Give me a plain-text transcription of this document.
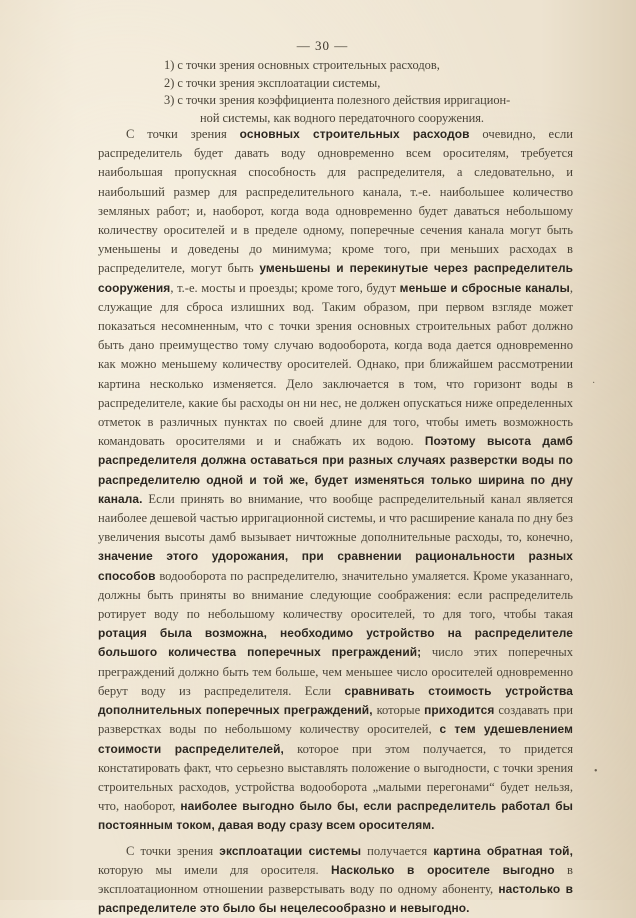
— 30 —
1) с точки зрения основных строительных расходов,
2) с точки зрения эксплоатации системы,
3) с точки зрения коэффициента полезного действия ирригацион-
ной системы, как водного передаточного сооружения.

С точки зрения основных строительных расходов очевидно, если распределитель будет давать воду одновременно всем оросителям, требуется наибольшая пропускная способность для распределителя, а следовательно, и наибольший размер для распределительного канала, т.-е. наибольшее количество земляных работ; и, наоборот, когда вода одновременно будет даваться небольшому количеству оросителей и в пределе одному, поперечные сечения канала могут быть уменьшены и доведены до минимума; кроме того, при меньших расходах в распределителе, могут быть уменьшены и перекинутые через распределитель сооружения, т.-е. мосты и проезды; кроме того, будут меньше и сбросные каналы, служащие для сброса излишних вод. Таким образом, при первом взгляде может показаться несомненным, что с точки зрения основных строительных работ должно быть дано преимущество тому случаю водооборота, когда вода дается одновременно как можно меньшему количеству оросителей. Однако, при ближайшем рассмотрении картина несколько изменяется. Дело заключается в том, что горизонт воды в распределителе, какие бы расходы он ни нес, не должен опускаться ниже определенных отметок в различных пунктах по своей длине для того, чтобы иметь возможность командовать оросителями и и снабжать их водою. Поэтому высота дамб распределителя должна оставаться при разных случаях разверстки воды по распределителю одной и той же, будет изменяться только ширина по дну канала. Если принять во внимание, что вообще распределительный канал является наиболее дешевой частью ирригационной системы, и что расширение канала по дну без увеличения высоты дамб вызывает ничтожные дополнительные расходы, то, конечно, значение этого удорожания, при сравнении рациональности разных способов водооборота по распределителю, значительно умаляется. Кроме указаннаго, должны быть приняты во внимание следующие соображения: если распределитель ротирует воду по небольшому количеству оросителей, то для того, чтобы такая ротация была возможна, необходимо устройство на распределителе большого количества поперечных преграждений; число этих поперечных преграждений должно быть тем больше, чем меньшее число оросителей одновременно берут воду из распределителя. Если сравнивать стоимость устройства дополнительных поперечных преграждений, которые приходится создавать при разверстках воды по небольшому количеству оросителей, с тем удешевлением стоимости распределителей, которое при этом получается, то придется констатировать факт, что серьезно выставлять положение о выгодности, с точки зрения строительных расходов, устройства водооборота „малыми перегонами“ будет нельзя, что, наоборот, наиболее выгодно было бы, если распределитель работал бы постоянным током, давая воду сразу всем оросителям.

С точки зрения эксплоатации системы получается картина обратная той, которую мы имели для оросителя. Насколько в оросителе выгодно в эксплоатационном отношении разверстывать воду по одному абоненту, настолько в распределителе это было бы нецелесообразно и невыгодно.

·
•
